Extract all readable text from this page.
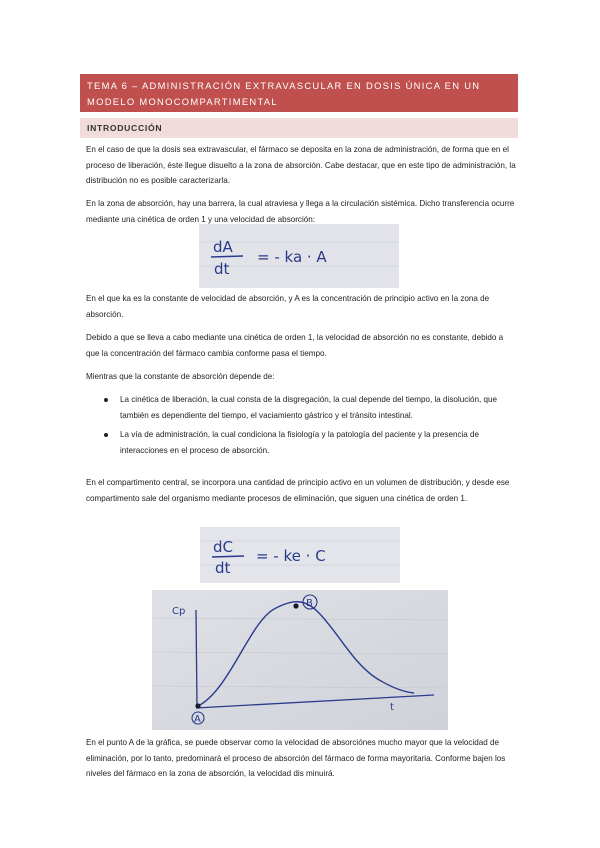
TEMA 6 – ADMINISTRACIÓN EXTRAVASCULAR EN DOSIS ÚNICA EN UN MODELO MONOCOMPARTIMENTAL
INTRODUCCIÓN

En el caso de que la dosis sea extravascular, el fármaco se deposita en la zona de administración, de forma que en el proceso de liberación, éste llegue disuelto a la zona de absorción. Cabe destacar, que en este tipo de administración, la distribución no es posible caracterizarla.

En la zona de absorción, hay una barrera, la cual atraviesa y llega a la circulación sistémica. Dicho transferencia ocurre mediante una cinética de orden 1 y una velocidad de absorción:

dA
dt
= - ka · A

En el que ka es la constante de velocidad de absorción, y A es la concentración de principio activo en la zona de absorción.

Debido a que se lleva a cabo mediante una cinética de orden 1, la velocidad de absorción no es constante, debido a que la concentración del fármaco cambia conforme pasa el tiempo.

Mientras que la constante de absorción depende de:

La cinética de liberación, la cual consta de la disgregación, la cual depende del tiempo, la disolución, que también es dependiente del tiempo, el vaciamiento gástrico y el tránsito intestinal.
La vía de administración, la cual condiciona la fisiología y la patología del paciente y la presencia de interacciones en el proceso de absorción.

En el compartimento central, se incorpora una cantidad de principio activo en un volumen de distribución, y desde ese compartimento sale del organismo mediante procesos de eliminación, que siguen una cinética de orden 1.

dC
dt
= - ke · C
A
B
Cp
t

En el punto A de la gráfica, se puede observar como la velocidad de absorciónes mucho mayor que la velocidad de eliminación, por lo tanto, predominará el proceso de absorción del fármaco de forma mayoritaria. Conforme bajen los niveles del fármaco en la zona de absorción, la velocidad dis minuirá.
